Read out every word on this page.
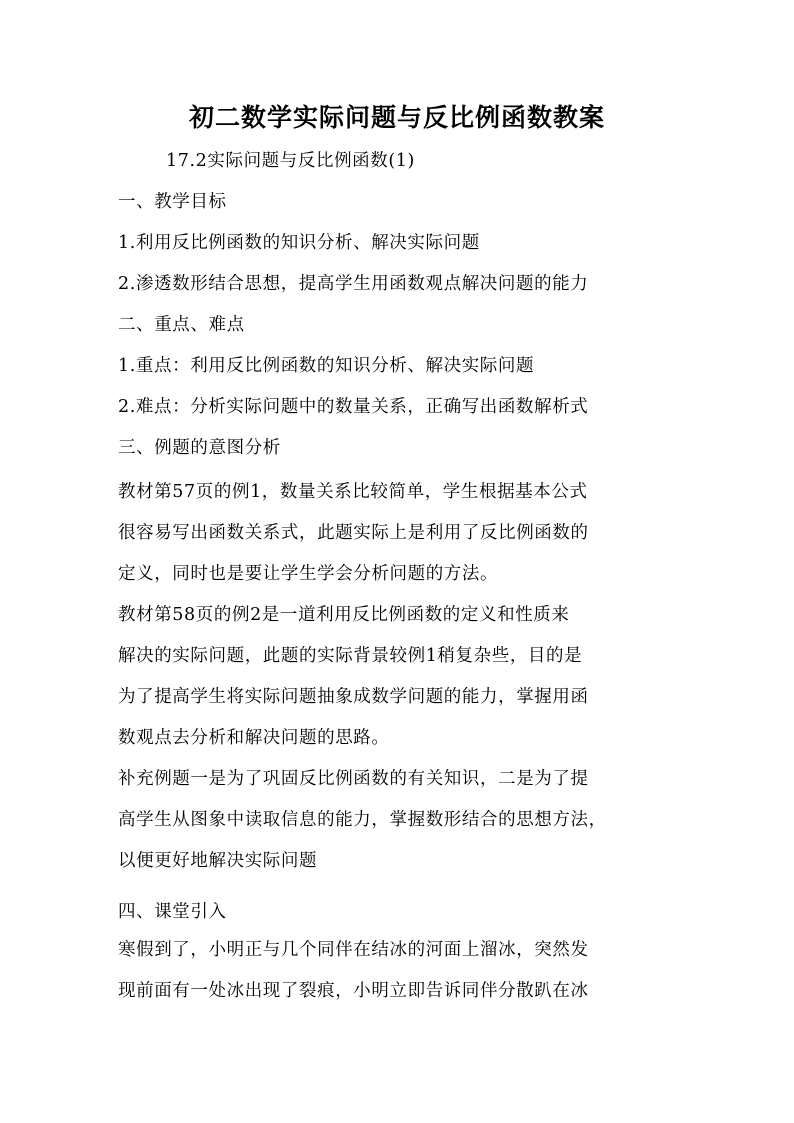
初二数学实际问题与反比例函数教案
17.2实际问题与反比例函数(1)
一、教学目标
1.利用反比例函数的知识分析、解决实际问题
2.渗透数形结合思想，提高学生用函数观点解决问题的能力
二、重点、难点
1.重点：利用反比例函数的知识分析、解决实际问题
2.难点：分析实际问题中的数量关系，正确写出函数解析式
三、例题的意图分析
教材第57页的例1，数量关系比较简单，学生根据基本公式
很容易写出函数关系式，此题实际上是利用了反比例函数的
定义，同时也是要让学生学会分析问题的方法。
教材第58页的例2是一道利用反比例函数的定义和性质来
解决的实际问题，此题的实际背景较例1稍复杂些，目的是
为了提高学生将实际问题抽象成数学问题的能力，掌握用函
数观点去分析和解决问题的思路。
补充例题一是为了巩固反比例函数的有关知识，二是为了提
高学生从图象中读取信息的能力，掌握数形结合的思想方法，
以便更好地解决实际问题
四、课堂引入
寒假到了，小明正与几个同伴在结冰的河面上溜冰，突然发
现前面有一处冰出现了裂痕，小明立即告诉同伴分散趴在冰
